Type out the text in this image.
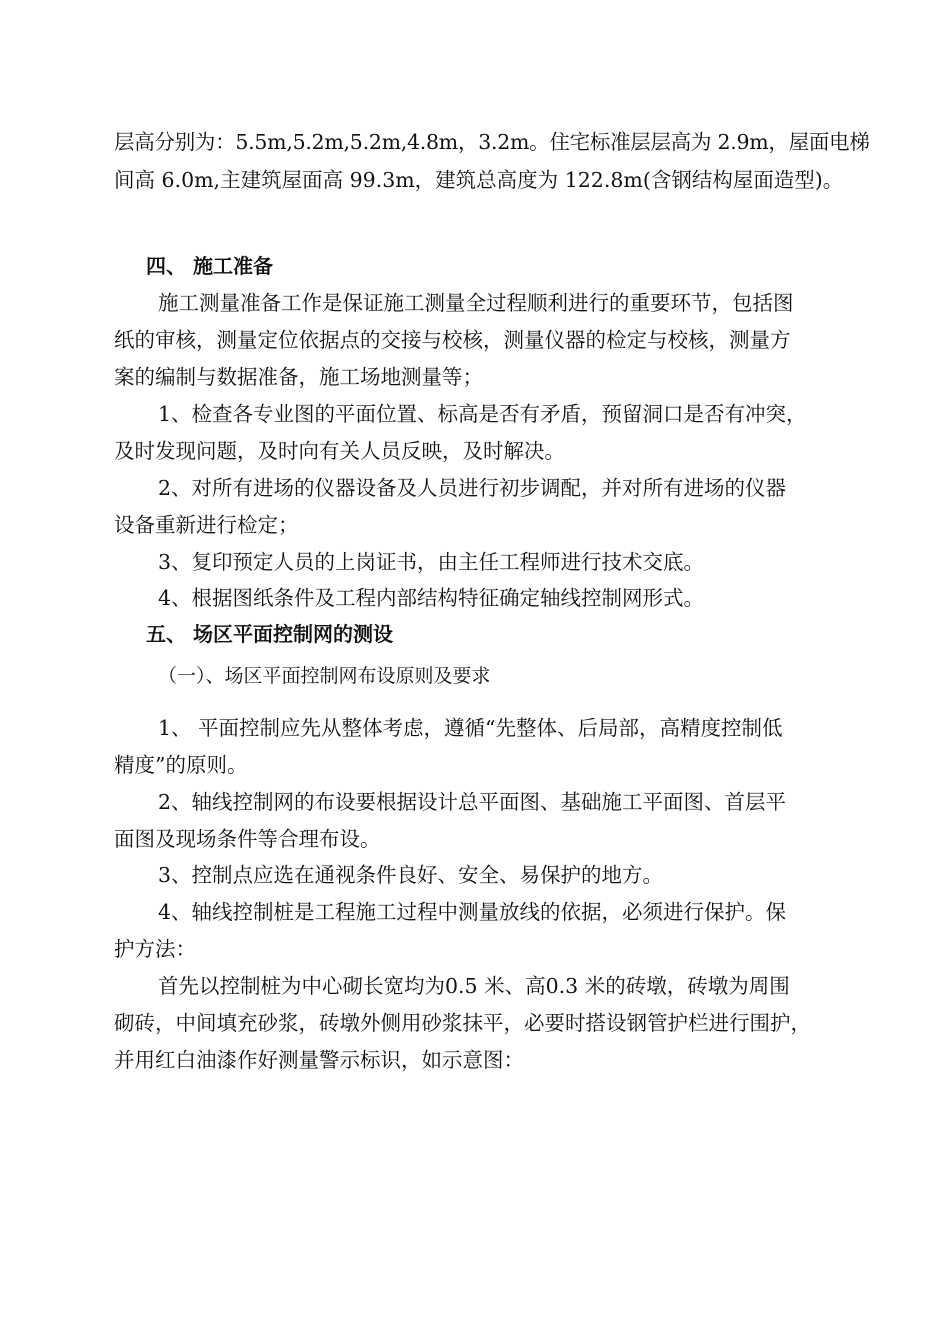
层高分别为：5.5m,5.2m,5.2m,4.8m，3.2m。住宅标准层层高为 2.9m，屋面电梯
间高 6.0m,主建筑屋面高 99.3m，建筑总高度为 122.8m(含钢结构屋面造型)。
四、 施工准备
施工测量准备工作是保证施工测量全过程顺利进行的重要环节，包括图
纸的审核，测量定位依据点的交接与校核，测量仪器的检定与校核，测量方
案的编制与数据准备，施工场地测量等；
1、检查各专业图的平面位置、标高是否有矛盾，预留洞口是否有冲突，
及时发现问题，及时向有关人员反映，及时解决。
2、对所有进场的仪器设备及人员进行初步调配，并对所有进场的仪器
设备重新进行检定；
3、复印预定人员的上岗证书，由主任工程师进行技术交底。
4、根据图纸条件及工程内部结构特征确定轴线控制网形式。
五、 场区平面控制网的测设
（一）、场区平面控制网布设原则及要求
1、 平面控制应先从整体考虑，遵循“先整体、后局部，高精度控制低
精度”的原则。
2、轴线控制网的布设要根据设计总平面图、基础施工平面图、首层平
面图及现场条件等合理布设。
3、控制点应选在通视条件良好、安全、易保护的地方。
4、轴线控制桩是工程施工过程中测量放线的依据，必须进行保护。保
护方法：
首先以控制桩为中心砌长宽均为0.5 米、高0.3 米的砖墩，砖墩为周围
砌砖，中间填充砂浆，砖墩外侧用砂浆抹平，必要时搭设钢管护栏进行围护，
并用红白油漆作好测量警示标识，如示意图：
